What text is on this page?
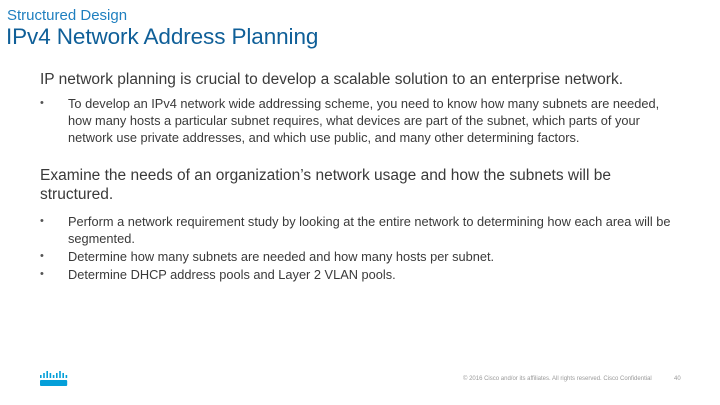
Structured Design
IPv4 Network Address Planning

IP network planning is crucial to develop a scalable solution to an enterprise network.

• To develop an IPv4 network wide addressing scheme, you need to know how many subnets are needed, how many hosts a particular subnet requires, what devices are part of the subnet, which parts of your network use private addresses, and which use public, and many other determining factors.

Examine the needs of an organization’s network usage and how the subnets will be structured.

• Perform a network requirement study by looking at the entire network to determining how each area will be segmented.
• Determine how many subnets are needed and how many hosts per subnet.
• Determine DHCP address pools and Layer 2 VLAN pools.
© 2016 Cisco and/or its affiliates. All rights reserved. Cisco Confidential	40
